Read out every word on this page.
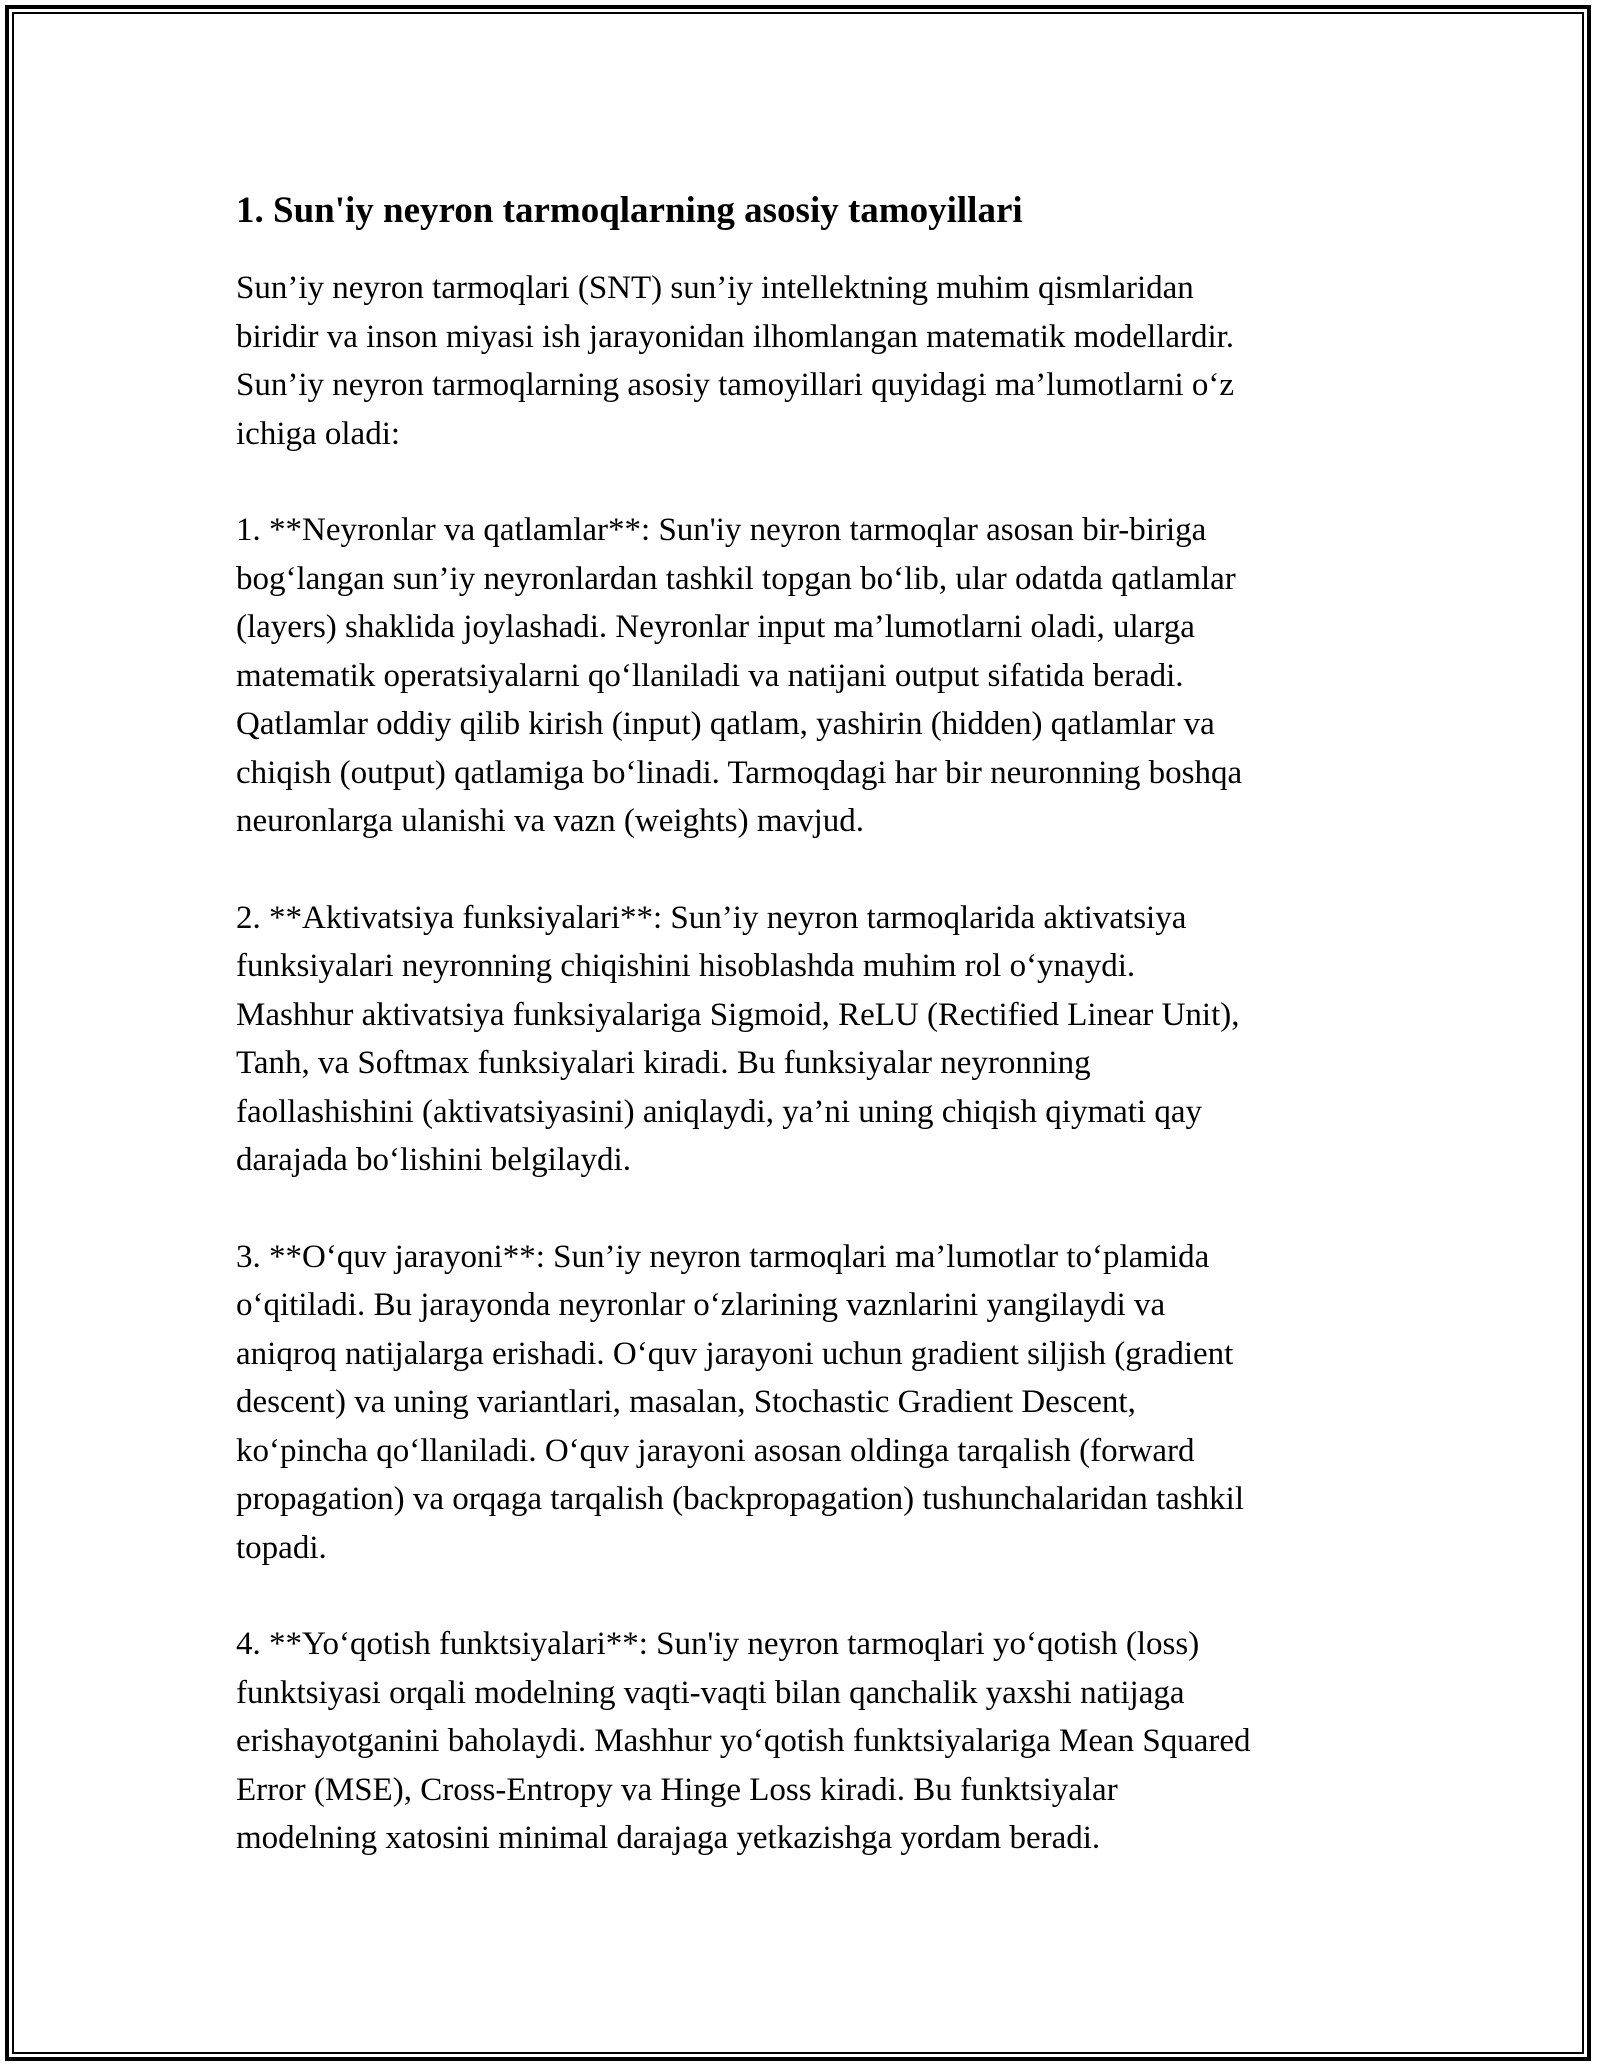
1. Sun'iy neyron tarmoqlarning asosiy tamoyillari

Sun’iy neyron tarmoqlari (SNT) sun’iy intellektning muhim qismlaridan
biridir va inson miyasi ish jarayonidan ilhomlangan matematik modellardir.
Sun’iy neyron tarmoqlarning asosiy tamoyillari quyidagi ma’lumotlarni o‘z
ichiga oladi:

1. **Neyronlar va qatlamlar**: Sun'iy neyron tarmoqlar asosan bir-biriga
bog‘langan sun’iy neyronlardan tashkil topgan bo‘lib, ular odatda qatlamlar
(layers) shaklida joylashadi. Neyronlar input ma’lumotlarni oladi, ularga
matematik operatsiyalarni qo‘llaniladi va natijani output sifatida beradi.
Qatlamlar oddiy qilib kirish (input) qatlam, yashirin (hidden) qatlamlar va
chiqish (output) qatlamiga bo‘linadi. Tarmoqdagi har bir neuronning boshqa
neuronlarga ulanishi va vazn (weights) mavjud.

2. **Aktivatsiya funksiyalari**: Sun’iy neyron tarmoqlarida aktivatsiya
funksiyalari neyronning chiqishini hisoblashda muhim rol o‘ynaydi.
Mashhur aktivatsiya funksiyalariga Sigmoid, ReLU (Rectified Linear Unit),
Tanh, va Softmax funksiyalari kiradi. Bu funksiyalar neyronning
faollashishini (aktivatsiyasini) aniqlaydi, ya’ni uning chiqish qiymati qay
darajada bo‘lishini belgilaydi.

3. **O‘quv jarayoni**: Sun’iy neyron tarmoqlari ma’lumotlar to‘plamida
o‘qitiladi. Bu jarayonda neyronlar o‘zlarining vaznlarini yangilaydi va
aniqroq natijalarga erishadi. O‘quv jarayoni uchun gradient siljish (gradient
descent) va uning variantlari, masalan, Stochastic Gradient Descent,
ko‘pincha qo‘llaniladi. O‘quv jarayoni asosan oldinga tarqalish (forward
propagation) va orqaga tarqalish (backpropagation) tushunchalaridan tashkil
topadi.

4. **Yo‘qotish funktsiyalari**: Sun'iy neyron tarmoqlari yo‘qotish (loss)
funktsiyasi orqali modelning vaqti-vaqti bilan qanchalik yaxshi natijaga
erishayotganini baholaydi. Mashhur yo‘qotish funktsiyalariga Mean Squared
Error (MSE), Cross-Entropy va Hinge Loss kiradi. Bu funktsiyalar
modelning xatosini minimal darajaga yetkazishga yordam beradi.
